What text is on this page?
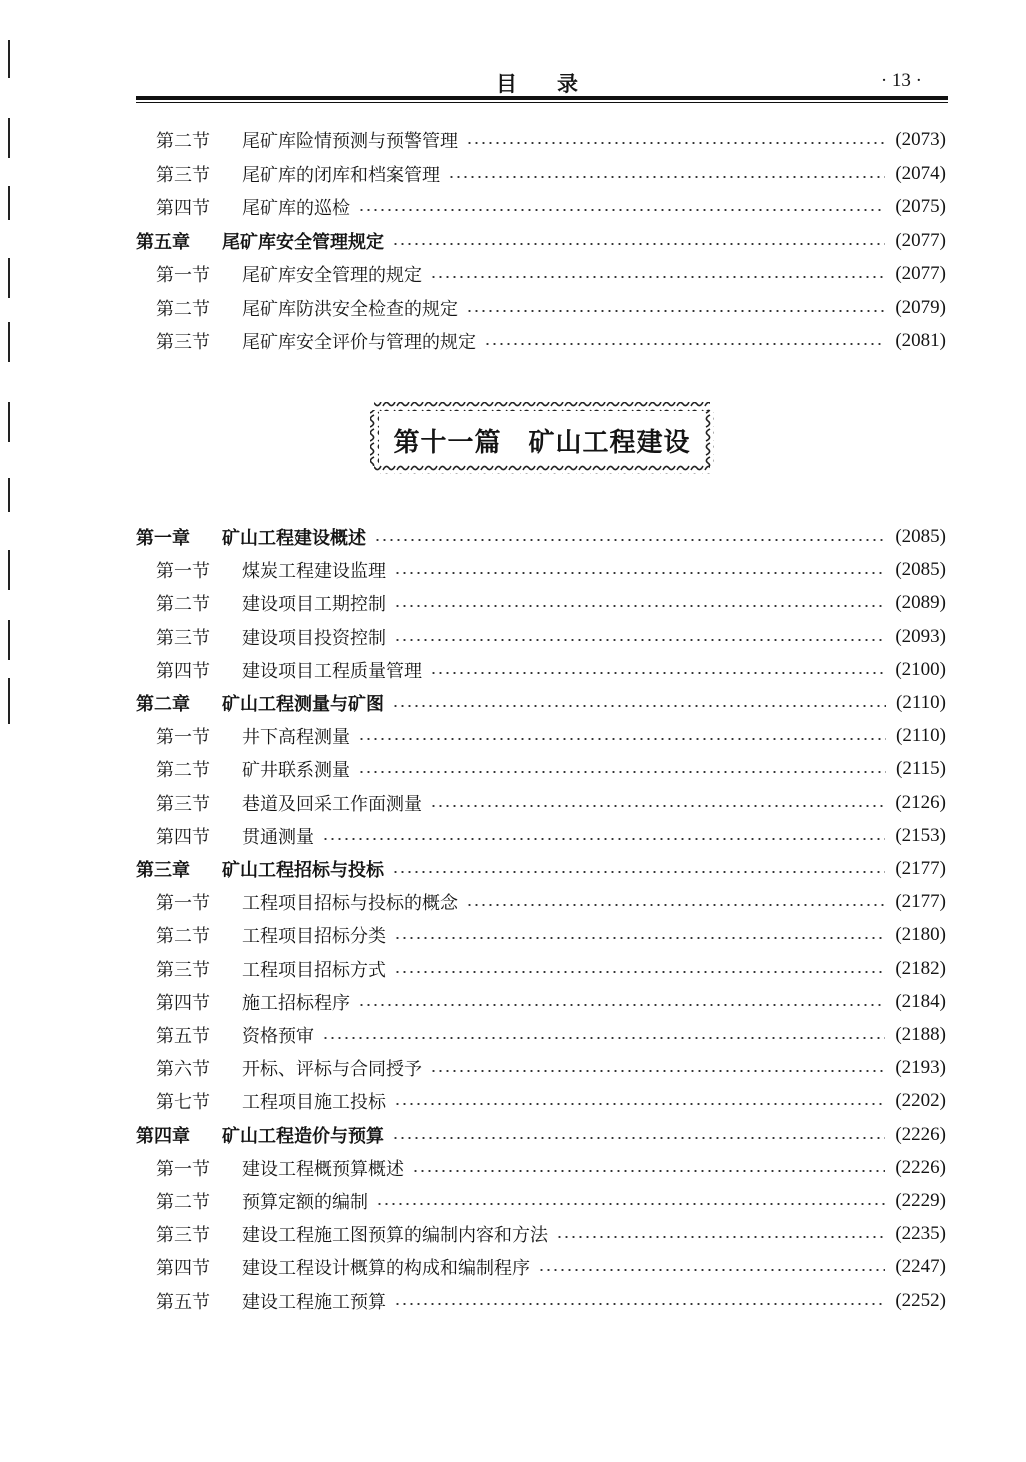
目录	· 13 ·
第二节	尾矿库险情预测与预警管理	(2073)
第三节	尾矿库的闭库和档案管理	(2074)
第四节	尾矿库的巡检	(2075)
第五章	尾矿库安全管理规定	(2077)
第一节	尾矿库安全管理的规定	(2077)
第二节	尾矿库防洪安全检查的规定	(2079)
第三节	尾矿库安全评价与管理的规定	(2081)
第十一篇　矿山工程建设
第一章	矿山工程建设概述	(2085)
第一节	煤炭工程建设监理	(2085)
第二节	建设项目工期控制	(2089)
第三节	建设项目投资控制	(2093)
第四节	建设项目工程质量管理	(2100)
第二章	矿山工程测量与矿图	(2110)
第一节	井下高程测量	(2110)
第二节	矿井联系测量	(2115)
第三节	巷道及回采工作面测量	(2126)
第四节	贯通测量	(2153)
第三章	矿山工程招标与投标	(2177)
第一节	工程项目招标与投标的概念	(2177)
第二节	工程项目招标分类	(2180)
第三节	工程项目招标方式	(2182)
第四节	施工招标程序	(2184)
第五节	资格预审	(2188)
第六节	开标、评标与合同授予	(2193)
第七节	工程项目施工投标	(2202)
第四章	矿山工程造价与预算	(2226)
第一节	建设工程概预算概述	(2226)
第二节	预算定额的编制	(2229)
第三节	建设工程施工图预算的编制内容和方法	(2235)
第四节	建设工程设计概算的构成和编制程序	(2247)
第五节	建设工程施工预算	(2252)
